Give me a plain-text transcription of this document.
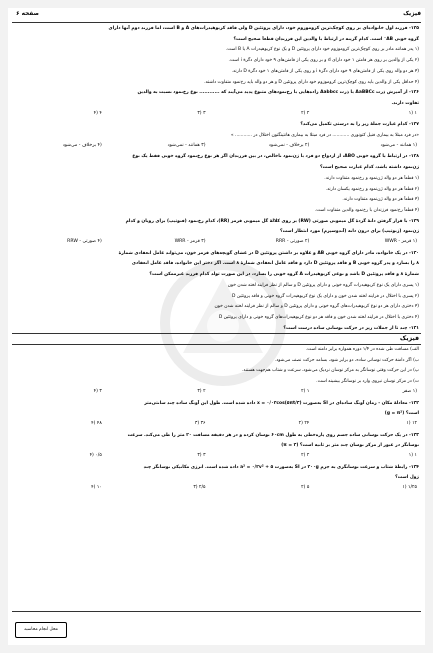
فیزیک
صفحه ۶
۱۲۵- فرزند اول خانواده‌ای بر روی کوچک‌ترین کروموزوم خود، دارای پروتئین D ولی فاقد کربوهیدرات‌های A و B است، اما فرزند دوم آنها دارای
گروه خونی AB⁻ است. کدام گزینه در ارتباط با والدین این فرزندان قطعاً صحیح است؟
(۱ پدر همانند مادر بر روی کوچک‌ترین کروموزوم خود دارای پروتئین D و یک نوع کربوهیدرات A یا B است.
(۲ یکی از والدین بر روی هر فامتن ۱ خود دارای d و بر روی یکی از فامتن‌های ۹ خود دارای دگرهٔ i است.
(۳ هر دو والد روی یکی از فامتن‌های ۹ خود دارای دگرهٔ i و روی یکی از فامتن‌های ۱ خود دگرهٔ D دارند.
(۴ حداقل یکی از والدین باید روی کوچک‌ترین کروموزوم خود دارای پروتئین D و هر دو والد باید رخ‌نمود متفاوت داشته.
۱۲۶- از آمیزش ذرت AaBBCc با ذرت Aabbcc زاده‌هایی با رخ‌نمودهای متنوع پدید می‌آیند که ............ نوع رخ‌نمود نسبت به والدین
تفاوت دارند.
۱ (۱
۲ (۲
۳ (۳
۴ (۴
۱۲۷- کدام عبارت جملهٔ زیر را به درستی تکمیل می‌کند؟
«در فرد مبتلا به بیماری فنیل کتونوری ............ در فرد مبتلا به بیماری هانتینگتون اختلال در ............ »
(۱ همانند - می‌شود
(۲ برخلاف - نمی‌شود
(۳ همانند - نمی‌شود
(۴ برخلاف - می‌شود
۱۲۸- در ارتباط با گروه خونی ABO، از ازدواج دو فرد با ژن‌نمود ناخالص، در بین فرزندان اگر هر نوع رخ‌نمود گروه خونی فقط یک نوع
ژن‌نمود داشته باشد، کدام عبارت صحیح است؟
(۱ قطعاً هر دو والد ژن‌نمود و رخ‌نمود متفاوت دارند.
(۲ قطعاً هر دو والد ژن‌نمود و رخ‌نمود یکسان دارند.
(۳ قطعاً هر دو والد ژن‌نمود متفاوت دارند.
(۴ قطعاً رخ‌نمود فرزندان با رخ‌نمود والدین متفاوت است.
۱۲۹- با قرار گرفتن دانهٔ گردهٔ گل میمونی صورتی (RW) بر روی کلالهٔ گل میمونی قرمز (RR)، کدام رخ‌نمود (فنوتیپ) برای رویان و کدام
ژن‌نمود (ژنوتیپ) برای درون دانه (آندوسپرم) مورد انتظار است؟
(۱ قرمز - WWR
(۲ صورتی - RRR
(۳ قرمز - WRR
(۴ صورتی - RRW
۱۳۰- در یک خانواده، مادر دارای گروه خونی AB و علاوه بر داشتن پروتئین D در غشای گویچه‌های قرمز خون، می‌تواند عامل انعقادی شمارهٔ
۸ را بسازد و پدر گروه خونی B و فاقد پروتئین D دارد و فاقد عامل انعقادی شمارهٔ ۸ است. اگر دختر این خانواده، فاقد عامل انعقادی
شمارهٔ ۸ و فاقد پروتئین D باشد و نوعی کربوهیدرات A گروه خونی را بسازد، در این صورت تولد کدام فرزند غیرممکن است؟
(۱ پسری دارای یک نوع کربوهیدرات گروه خونی و دارای پروتئین D و سالم از نظر فرایند لخته شدن خون
(۲ پسری با اختلال در فرایند لخته شدن خون و دارای یک نوع کربوهیدرات گروه خونی و فاقد پروتئین D
(۳ دختری دارای هر دو نوع کربوهیدرات‌های گروه خونی و دارای پروتئین D و سالم از نظر فرایند لخته شدن خون
(۴ دختری با اختلال در فرایند لخته شدن خون و فاقد هر دو نوع کربوهیدرات‌های گروه خونی و دارای پروتئین D
۱۳۱- چند تا از جملات زیر در حرکت نوسانی ساده درست است؟
الف) مسافت طی شده در ۱/۴ دوره همواره برابر دامنه است.
ب) اگر دامنهٔ حرکت نوسانی ساده، دو برابر شود، بسامد حرکت نصف می‌شود.
پ) در این حرکت وقتی نوسانگر به مرکز نوسان نزدیک می‌شود، سرعت و شتاب هم‌جهت هستند.
ت) در مرکز نوسان نیروی وارد بر نوسانگر بیشینه است.
(۱ صفر
۱ (۲
۲ (۳
۳ (۴
۱۳۲- معادلهٔ مکان - زمان آونگ ساده‌ای در SI به‌صورت x = ۰/۰۲cos(۵πt/۳) داده شده است. طول این آونگ ساده چند سانتی‌متر
است؟ (g = π²)
۱۲ (۱
۲۴ (۲
۳۶ (۳
۴۸ (۴
۱۳۳- در یک حرکت نوسانی ساده جسم روی پاره‌خطی به طول ۶۰cm نوسان کرده و در هر دقیقه مسافت ۲۰ متر را طی می‌کند. سرعت
نوسانگر در عبور از مرکز نوسان چند متر بر ثانیه است؟ (π = ۳)
۱ (۱
۲ (۲
۳ (۳
۰/۵ (۴
۱۳۴- رابطهٔ شتاب و سرعت نوسانگری به جرم ۲۰۰g در SI به‌صورت a² = ۰/۲v² + ۵ داده شده است. انرژی مکانیکی نوسانگر چند
ژول است؟
۱/۲۵ (۱
۵ (۲
۲/۵ (۳
۱۰ (۴
فیزیک
محل انجام محاسبه
